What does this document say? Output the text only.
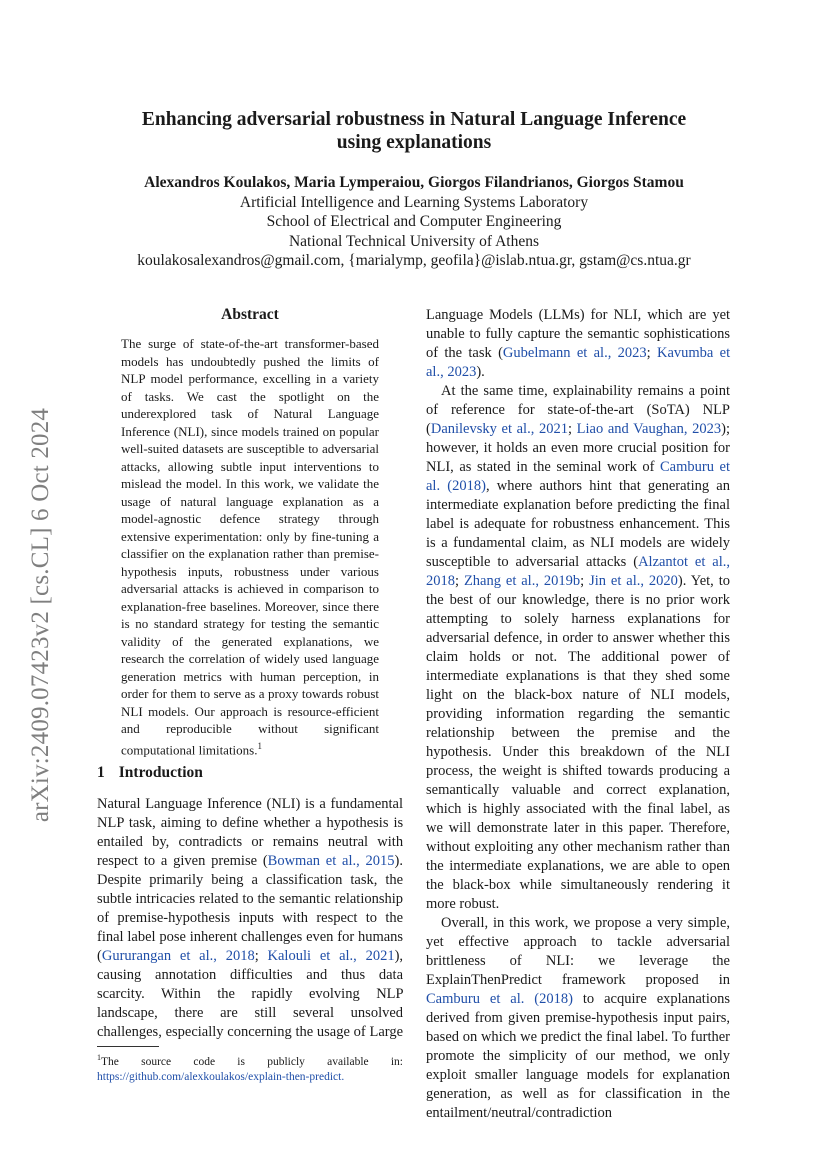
arXiv:2409.07423v2 [cs.CL] 6 Oct 2024
Enhancing adversarial robustness in Natural Language Inference
using explanations
Alexandros Koulakos, Maria Lymperaiou, Giorgos Filandrianos, Giorgos Stamou
Artificial Intelligence and Learning Systems Laboratory
School of Electrical and Computer Engineering
National Technical University of Athens
koulakosalexandros@gmail.com, {marialymp, geofila}@islab.ntua.gr, gstam@cs.ntua.gr
Abstract

The surge of state-of-the-art transformer-based models has undoubtedly pushed the limits of NLP model performance, excelling in a variety of tasks. We cast the spotlight on the underexplored task of Natural Language Inference (NLI), since models trained on popular well-suited datasets are susceptible to adversarial attacks, allowing subtle input interventions to mislead the model. In this work, we validate the usage of natural language explanation as a model-agnostic defence strategy through extensive experimentation: only by fine-tuning a classifier on the explanation rather than premise-hypothesis inputs, robustness under various adversarial attacks is achieved in comparison to explanation-free baselines. Moreover, since there is no standard strategy for testing the semantic validity of the generated explanations, we research the correlation of widely used language generation metrics with human perception, in order for them to serve as a proxy towards robust NLI models. Our approach is resource-efficient and reproducible without significant computational limitations.$^1$

1 Introduction

Natural Language Inference (NLI) is a fundamental NLP task, aiming to define whether a hypothesis is entailed by, contradicts or remains neutral with respect to a given premise (Bowman et al., 2015). Despite primarily being a classification task, the subtle intricacies related to the semantic relationship of premise-hypothesis inputs with respect to the final label pose inherent challenges even for humans (Gururangan et al., 2018; Kalouli et al., 2021), causing annotation difficulties and thus data scarcity. Within the rapidly evolving NLP landscape, there are still several unsolved challenges, especially concerning the usage of Large

$^1$The source code is publicly available in: https://github.com/alexkoulakos/explain-then-predict.

Language Models (LLMs) for NLI, which are yet unable to fully capture the semantic sophistications of the task (Gubelmann et al., 2023; Kavumba et al., 2023).

At the same time, explainability remains a point of reference for state-of-the-art (SoTA) NLP (Danilevsky et al., 2021; Liao and Vaughan, 2023); however, it holds an even more crucial position for NLI, as stated in the seminal work of Camburu et al. (2018), where authors hint that generating an intermediate explanation before predicting the final label is adequate for robustness enhancement. This is a fundamental claim, as NLI models are widely susceptible to adversarial attacks (Alzantot et al., 2018; Zhang et al., 2019b; Jin et al., 2020). Yet, to the best of our knowledge, there is no prior work attempting to solely harness explanations for adversarial defence, in order to answer whether this claim holds or not. The additional power of intermediate explanations is that they shed some light on the black-box nature of NLI models, providing information regarding the semantic relationship between the premise and the hypothesis. Under this breakdown of the NLI process, the weight is shifted towards producing a semantically valuable and correct explanation, which is highly associated with the final label, as we will demonstrate later in this paper. Therefore, without exploiting any other mechanism rather than the intermediate explanations, we are able to open the black-box while simultaneously rendering it more robust.

Overall, in this work, we propose a very simple, yet effective approach to tackle adversarial brittleness of NLI: we leverage the ExplainThenPredict framework proposed in Camburu et al. (2018) to acquire explanations derived from given premise-hypothesis input pairs, based on which we predict the final label. To further promote the simplicity of our method, we only exploit smaller language models for explanation generation, as well as for classification in the entailment/neutral/contradiction
